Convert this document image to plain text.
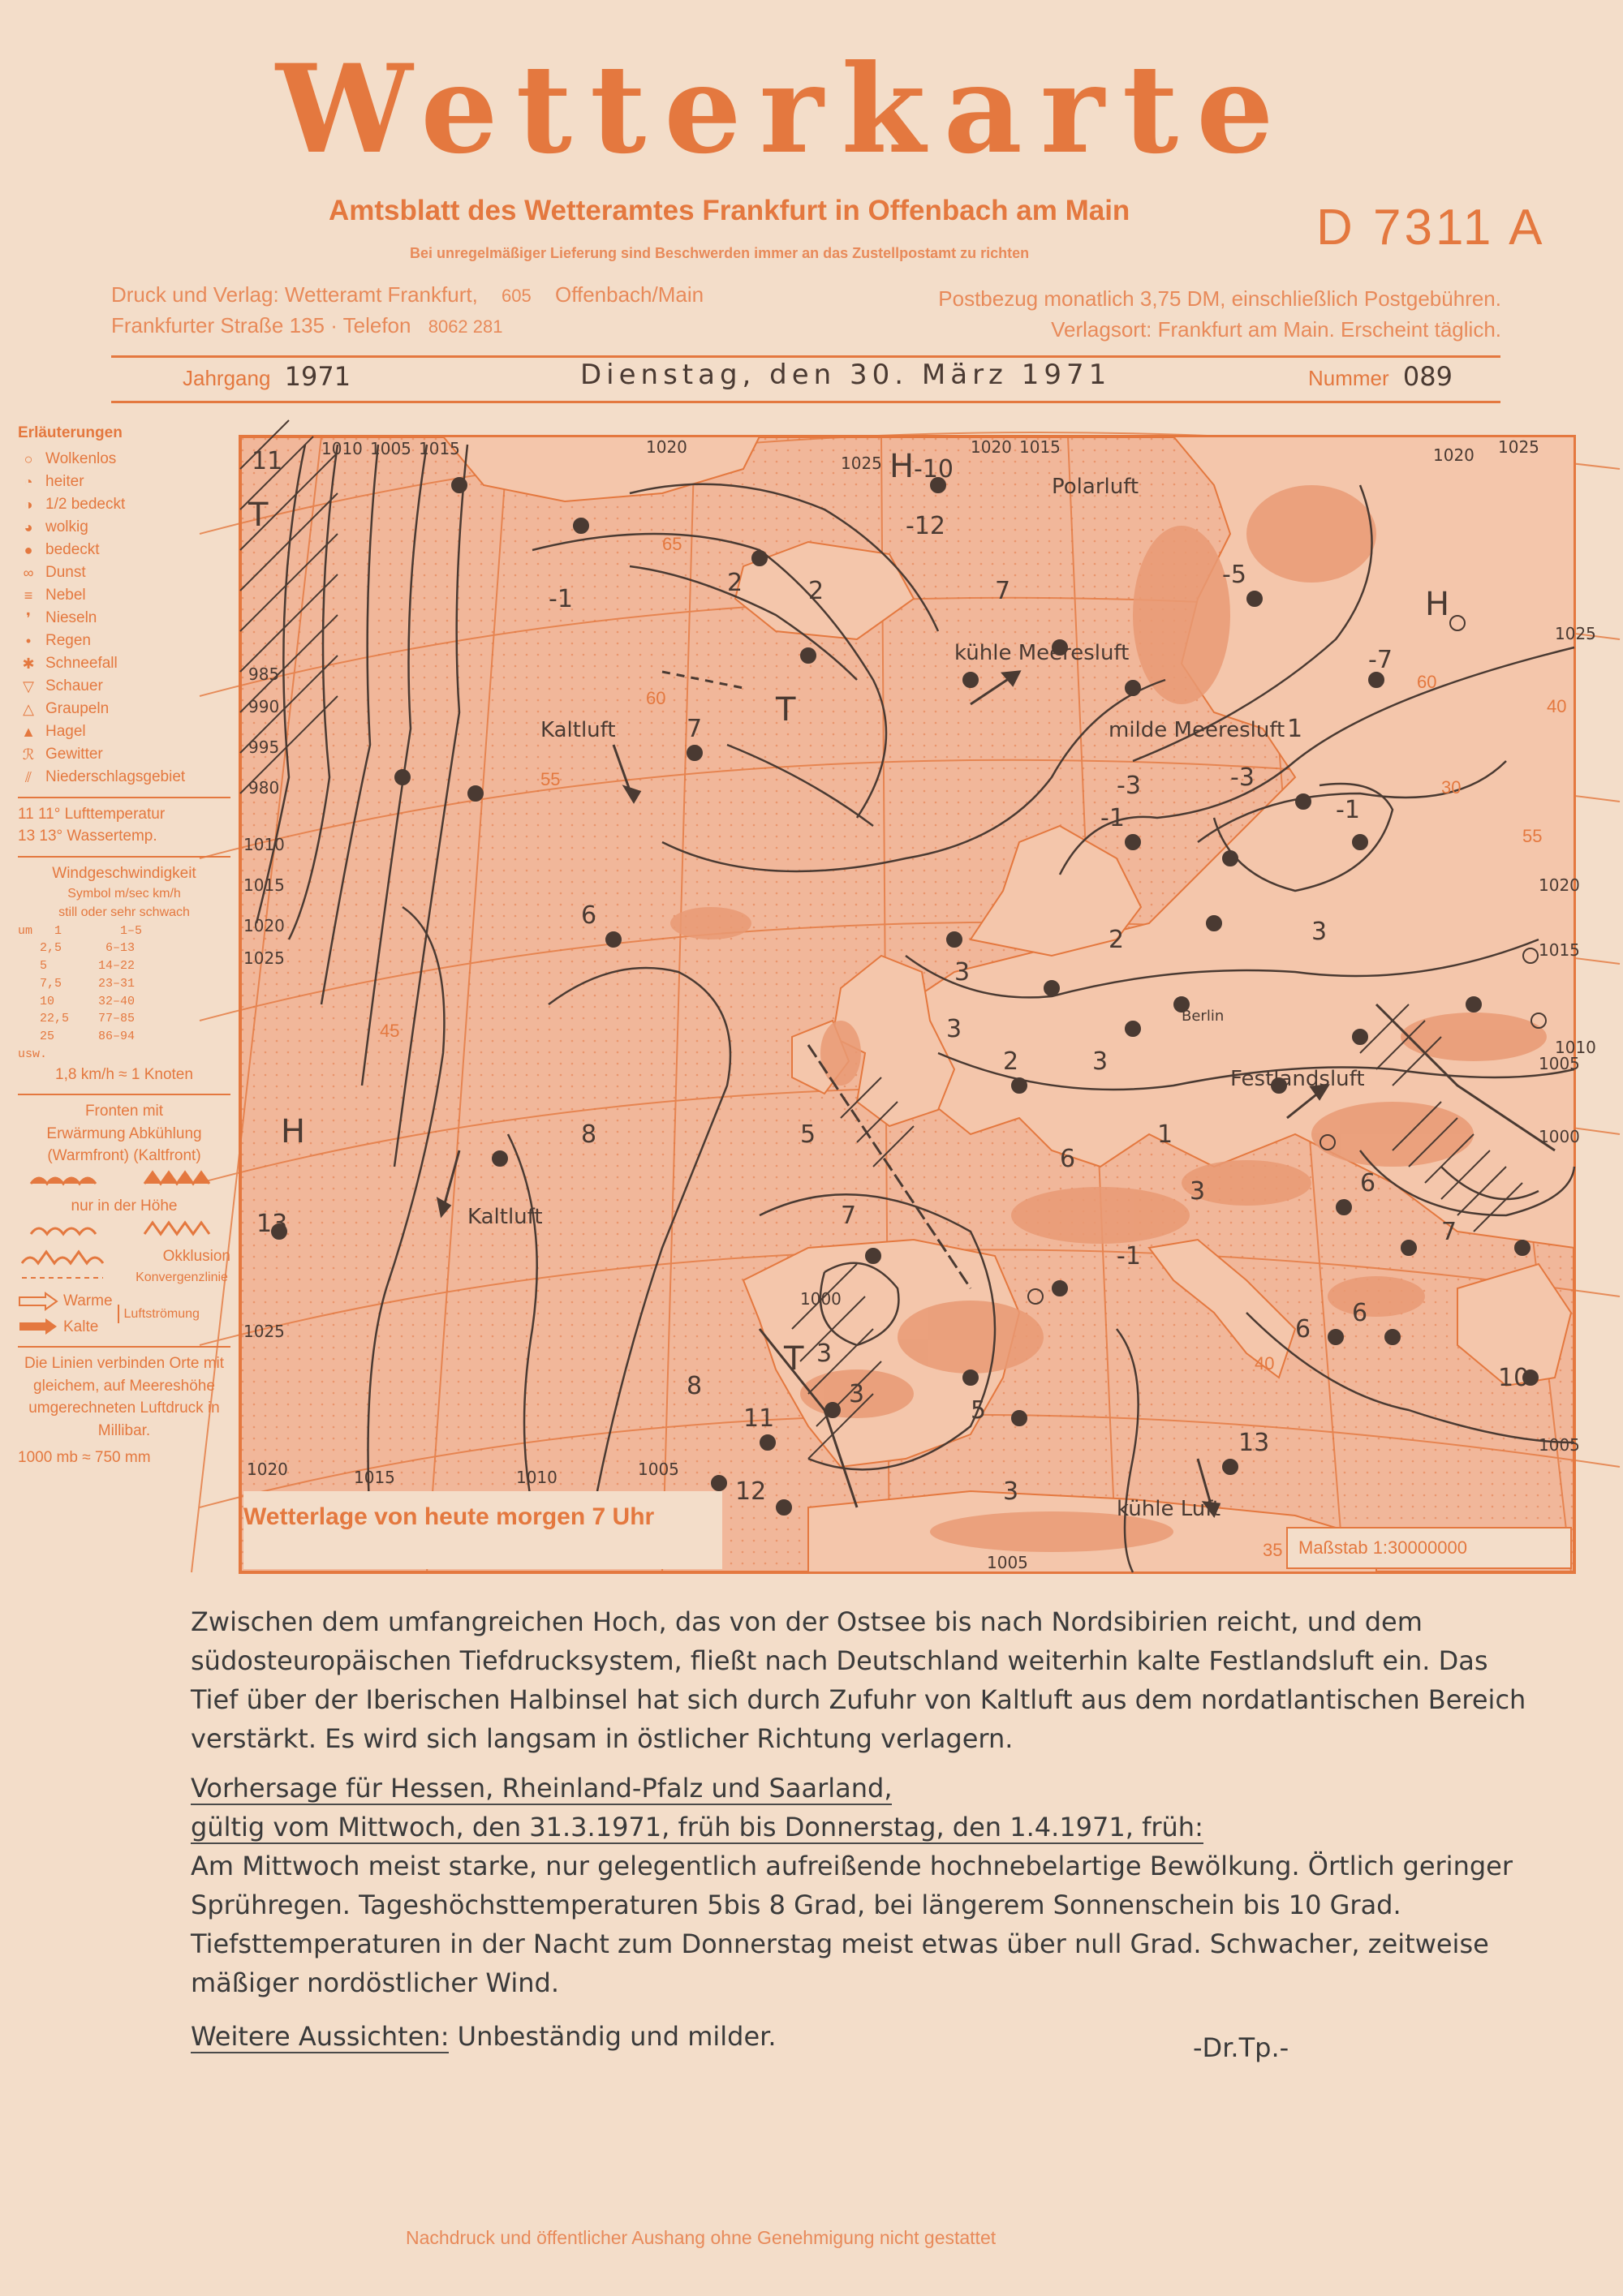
Wetterkarte
Amtsblatt des Wetteramtes Frankfurt in Offenbach am Main
Bei unregelmäßiger Lieferung sind Beschwerden immer an das Zustellpostamt zu richten	D 7311 A
Druck und Verlag: Wetteramt Frankfurt, 605 Offenbach/Main
Frankfurter Straße 135 · Telefon 8062 281
Postbezug monatlich 3,75 DM, einschließlich Postgebühren.
Verlagsort: Frankfurt am Main. Erscheint täglich.
Jahrgang 1971	Dienstag, den 30. März 1971	Nummer 089
Erläuterungen
○ Wolkenlos
◔ heiter
◑ 1/2 bedeckt
◕ wolkig
● bedeckt
∞ Dunst
≡ Nebel
❜ Nieseln
• Regen
✱ Schneefall
▽ Schauer
△ Graupeln
▲ Hagel
ℛ Gewitter
⫽ Niederschlagsgebiet
11 11° Lufttemperatur
13 13° Wassertemp.
Windgeschwindigkeit
Symbol m/sec km/h
still oder sehr schwach
um   1        1–5
2,5      6–13
5       14–22
7,5     23–31
10      32–40
22,5    77–85
25      86–94
usw.
1,8 km/h ≈ 1 Knoten
Fronten mit
Erwärmung Abkühlung
(Warmfront) (Kaltfront)
nur in der Höhe
Okklusion
Konvergenzlinie
Warme
Kalte
Luftströmung
Die Linien verbinden Orte mit gleichem, auf Meereshöhe umgerechneten Luftdruck in Millibar.
1000 mb ≈ 750 mm
11
-1
2	2
-10
-12
7
-5
-7
1
-3	-3
-1
-1
2	3
3
2	3
1
3	6
7
10
6
6
13
3
5
3
3
8
11
12
-1
7
5
6
3
8
6
7
13
1010 1005 1015
985
990
995
980
1010
1015
1020
1025
1025
1020	1015	1010	1005
1005
1000
1025
1020
1015
1005
1000
1005
1025
1020
1020 1015
1025
1020
1010
65
60
55
45
60
55
40
40
35
30
Polarluft
kühle Meeresluft
milde Meeresluft
Kaltluft
Kaltluft
Festlandsluft
kühle Luft
Berlin
H
H
H
T
T
T
Wetterlage von heute morgen 7 Uhr
Maßstab 1:30000000
Zwischen dem umfangreichen Hoch, das von der Ostsee bis nach Nordsibirien reicht, und dem südosteuropäischen Tiefdrucksystem, fließt nach Deutschland weiterhin kalte Festlandsluft ein. Das Tief über der Iberischen Halbinsel hat sich durch Zufuhr von Kaltluft aus dem nordatlantischen Bereich verstärkt. Es wird sich langsam in östlicher Richtung verlagern.
Vorhersage für Hessen, Rheinland-Pfalz und Saarland,
gültig vom Mittwoch, den 31.3.1971, früh bis Donnerstag, den 1.4.1971, früh:
Am Mittwoch meist starke, nur gelegentlich aufreißende hochnebelartige Bewölkung. Örtlich geringer Sprühregen. Tageshöchsttemperaturen 5bis 8 Grad, bei längerem Sonnenschein bis 10 Grad. Tiefsttemperaturen in der Nacht zum Donnerstag meist etwas über null Grad. Schwacher, zeitweise mäßiger nordöstlicher Wind.
Weitere Aussichten: Unbeständig und milder.	-Dr.Tp.-
Nachdruck und öffentlicher Aushang ohne Genehmigung nicht gestattet
